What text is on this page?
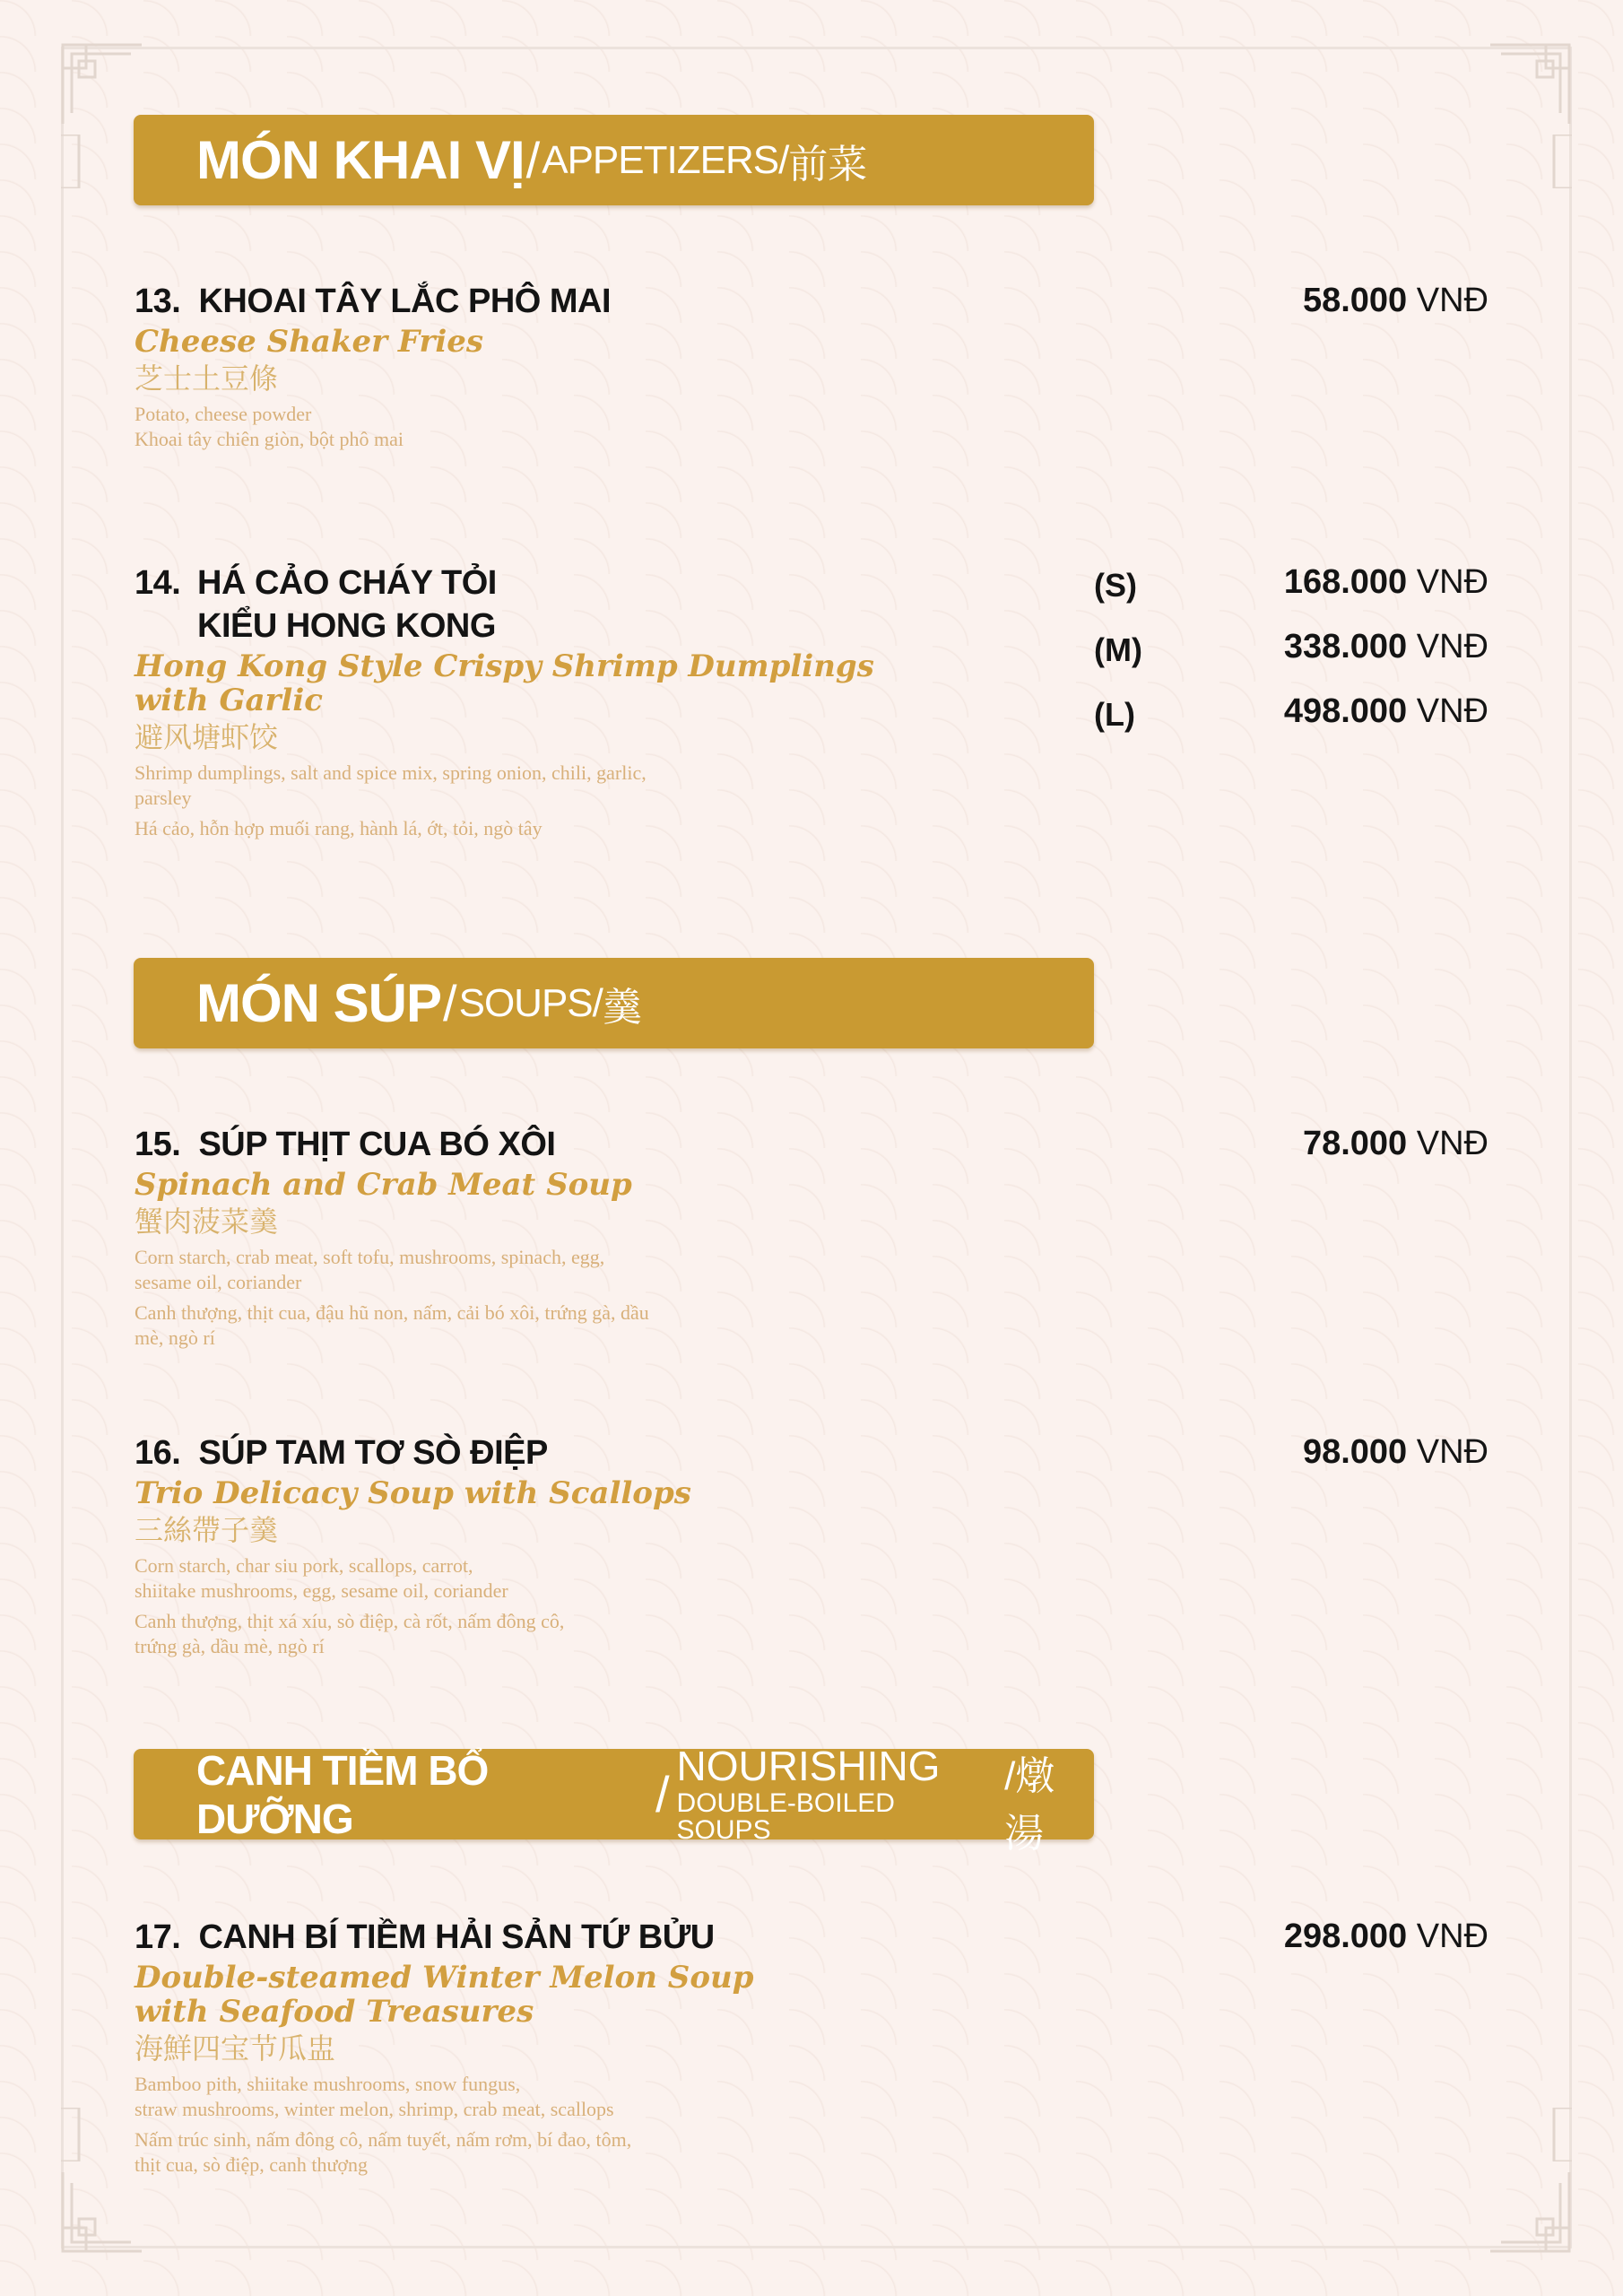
MÓN KHAI VỊ / APPETIZERS / 前菜
13. KHOAI TÂY LẮC PHÔ MAI
Cheese Shaker Fries
芝士土豆條
Potato, cheese powder
Khoai tây chiên giòn, bột phô mai
58.000 VNĐ
14. HÁ CẢO CHÁY TỎI
KIỂU HONG KONG
Hong Kong Style Crispy Shrimp Dumplings
with Garlic
避风塘虾饺
Shrimp dumplings, salt and spice mix, spring onion, chili, garlic,
parsley
Há cảo, hỗn hợp muối rang, hành lá, ớt, tỏi, ngò tây
(S)
(M)
(L)
168.000 VNĐ
338.000 VNĐ
498.000 VNĐ
MÓN SÚP / SOUPS / 羹
15. SÚP THỊT CUA BÓ XÔI
Spinach and Crab Meat Soup
蟹肉菠菜羹
Corn starch, crab meat, soft tofu, mushrooms, spinach, egg,
sesame oil, coriander
Canh thượng, thịt cua, đậu hũ non, nấm, cải bó xôi, trứng gà, dầu
mè, ngò rí
78.000 VNĐ
16. SÚP TAM TƠ SÒ ĐIỆP
Trio Delicacy Soup with Scallops
三絲帶子羹
Corn starch, char siu pork, scallops, carrot,
shiitake mushrooms, egg, sesame oil, coriander
Canh thượng, thịt xá xíu, sò điệp, cà rốt, nấm đông cô,
trứng gà, dầu mè, ngò rí
98.000 VNĐ
CANH TIỀM BỔ DƯỠNG	/
NOURISHING
DOUBLE-BOILED SOUPS
/燉湯
17. CANH BÍ TIỀM HẢI SẢN TỨ BỬU
Double-steamed Winter Melon Soup
with Seafood Treasures
海鮮四宝节瓜盅
Bamboo pith, shiitake mushrooms, snow fungus,
straw mushrooms, winter melon, shrimp, crab meat, scallops
Nấm trúc sinh, nấm đông cô, nấm tuyết, nấm rơm, bí đao, tôm,
thịt cua, sò điệp, canh thượng
298.000 VNĐ
